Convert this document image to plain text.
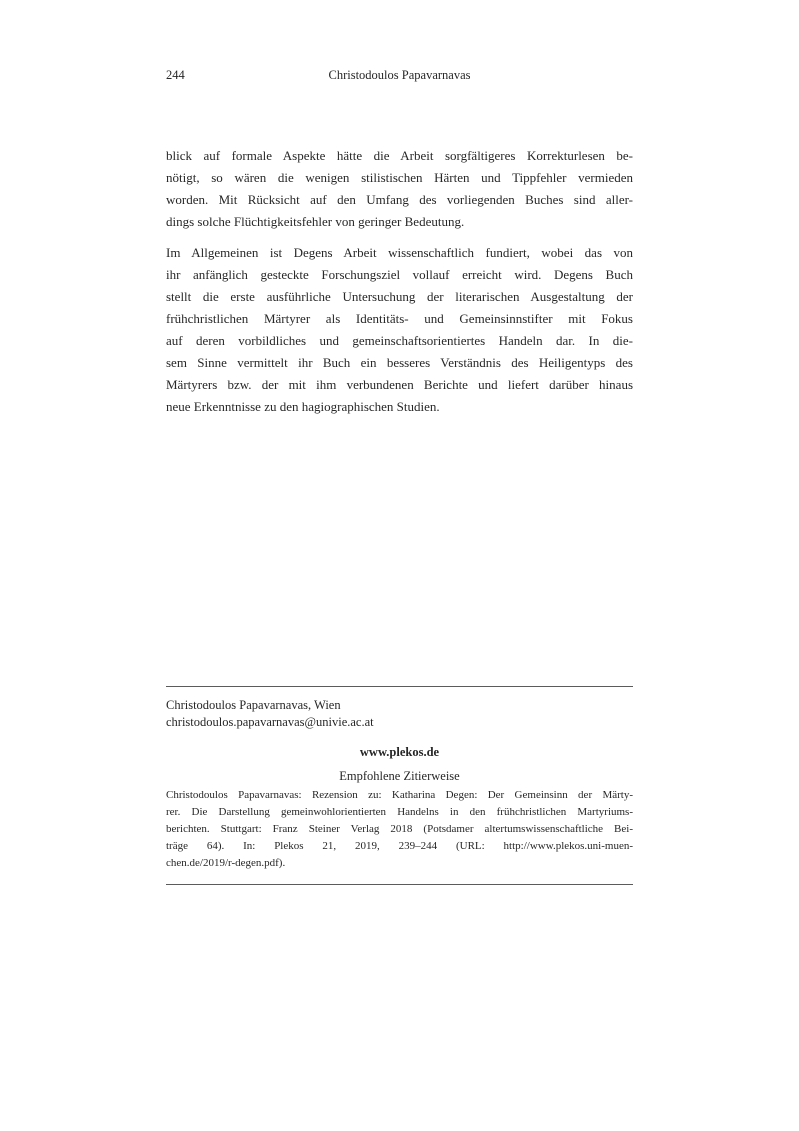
244	Christodoulos Papavarnavas
blick auf formale Aspekte hätte die Arbeit sorgfältigeres Korrekturlesen be-
nötigt, so wären die wenigen stilistischen Härten und Tippfehler vermieden
worden. Mit Rücksicht auf den Umfang des vorliegenden Buches sind aller-
dings solche Flüchtigkeitsfehler von geringer Bedeutung.
Im Allgemeinen ist Degens Arbeit wissenschaftlich fundiert, wobei das von
ihr anfänglich gesteckte Forschungsziel vollauf erreicht wird. Degens Buch
stellt die erste ausführliche Untersuchung der literarischen Ausgestaltung der
frühchristlichen Märtyrer als Identitäts- und Gemeinsinnstifter mit Fokus
auf deren vorbildliches und gemeinschaftsorientiertes Handeln dar. In die-
sem Sinne vermittelt ihr Buch ein besseres Verständnis des Heiligentyps des
Märtyrers bzw. der mit ihm verbundenen Berichte und liefert darüber hinaus
neue Erkenntnisse zu den hagiographischen Studien.
Christodoulos Papavarnavas, Wien
christodoulos.papavarnavas@univie.ac.at
www.plekos.de
Empfohlene Zitierweise
Christodoulos Papavarnavas: Rezension zu: Katharina Degen: Der Gemeinsinn der Märty-
rer. Die Darstellung gemeinwohlorientierten Handelns in den frühchristlichen Martyriums-
berichten. Stuttgart: Franz Steiner Verlag 2018 (Potsdamer altertumswissenschaftliche Bei-
träge 64). In: Plekos 21, 2019, 239–244 (URL: http://www.plekos.uni-muen-
chen.de/2019/r-degen.pdf).
